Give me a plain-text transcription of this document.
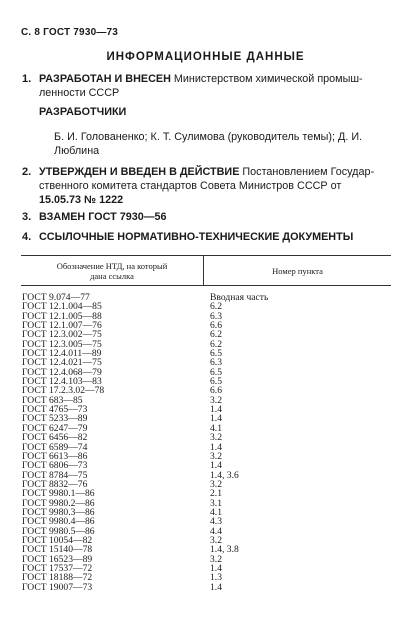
С. 8 ГОСТ 7930—73
ИНФОРМАЦИОННЫЕ ДАННЫЕ
1. РАЗРАБОТАН И ВНЕСЕН Министерством химической промыш-
ленности СССР
РАЗРАБОТЧИКИ
Б. И. Голованенко; К. Т. Сулимова (руководитель темы); Д. И.
Люблина
2. УТВЕРЖДЕН И ВВЕДЕН В ДЕЙСТВИЕ Постановлением Государ-
ственного комитета стандартов Совета Министров СССР от
15.05.73 № 1222
3. ВЗАМЕН ГОСТ 7930—56
4. ССЫЛОЧНЫЕ НОРМАТИВНО-ТЕХНИЧЕСКИЕ ДОКУМЕНТЫ
Обозначение НТД, на который
дана ссылка	Номер пункта
ГОСТ 9.074—77	Вводная часть
ГОСТ 12.1.004—85	6.2
ГОСТ 12.1.005—88	6.3
ГОСТ 12.1.007—76	6.6
ГОСТ 12.3.002—75	6.2
ГОСТ 12.3.005—75	6.2
ГОСТ 12.4.011—89	6.5
ГОСТ 12.4.021—75	6.3
ГОСТ 12.4.068—79	6.5
ГОСТ 12.4.103—83	6.5
ГОСТ 17.2.3.02—78	6.6
ГОСТ 683—85	3.2
ГОСТ 4765—73	1.4
ГОСТ 5233—89	1.4
ГОСТ 6247—79	4.1
ГОСТ 6456—82	3.2
ГОСТ 6589—74	1.4
ГОСТ 6613—86	3.2
ГОСТ 6806—73	1.4
ГОСТ 8784—75	1.4, 3.6
ГОСТ 8832—76	3.2
ГОСТ 9980.1—86	2.1
ГОСТ 9980.2—86	3.1
ГОСТ 9980.3—86	4.1
ГОСТ 9980.4—86	4.3
ГОСТ 9980.5—86	4.4
ГОСТ 10054—82	3.2
ГОСТ 15140—78	1.4, 3.8
ГОСТ 16523—89	3.2
ГОСТ 17537—72	1.4
ГОСТ 18188—72	1.3
ГОСТ 19007—73	1.4
